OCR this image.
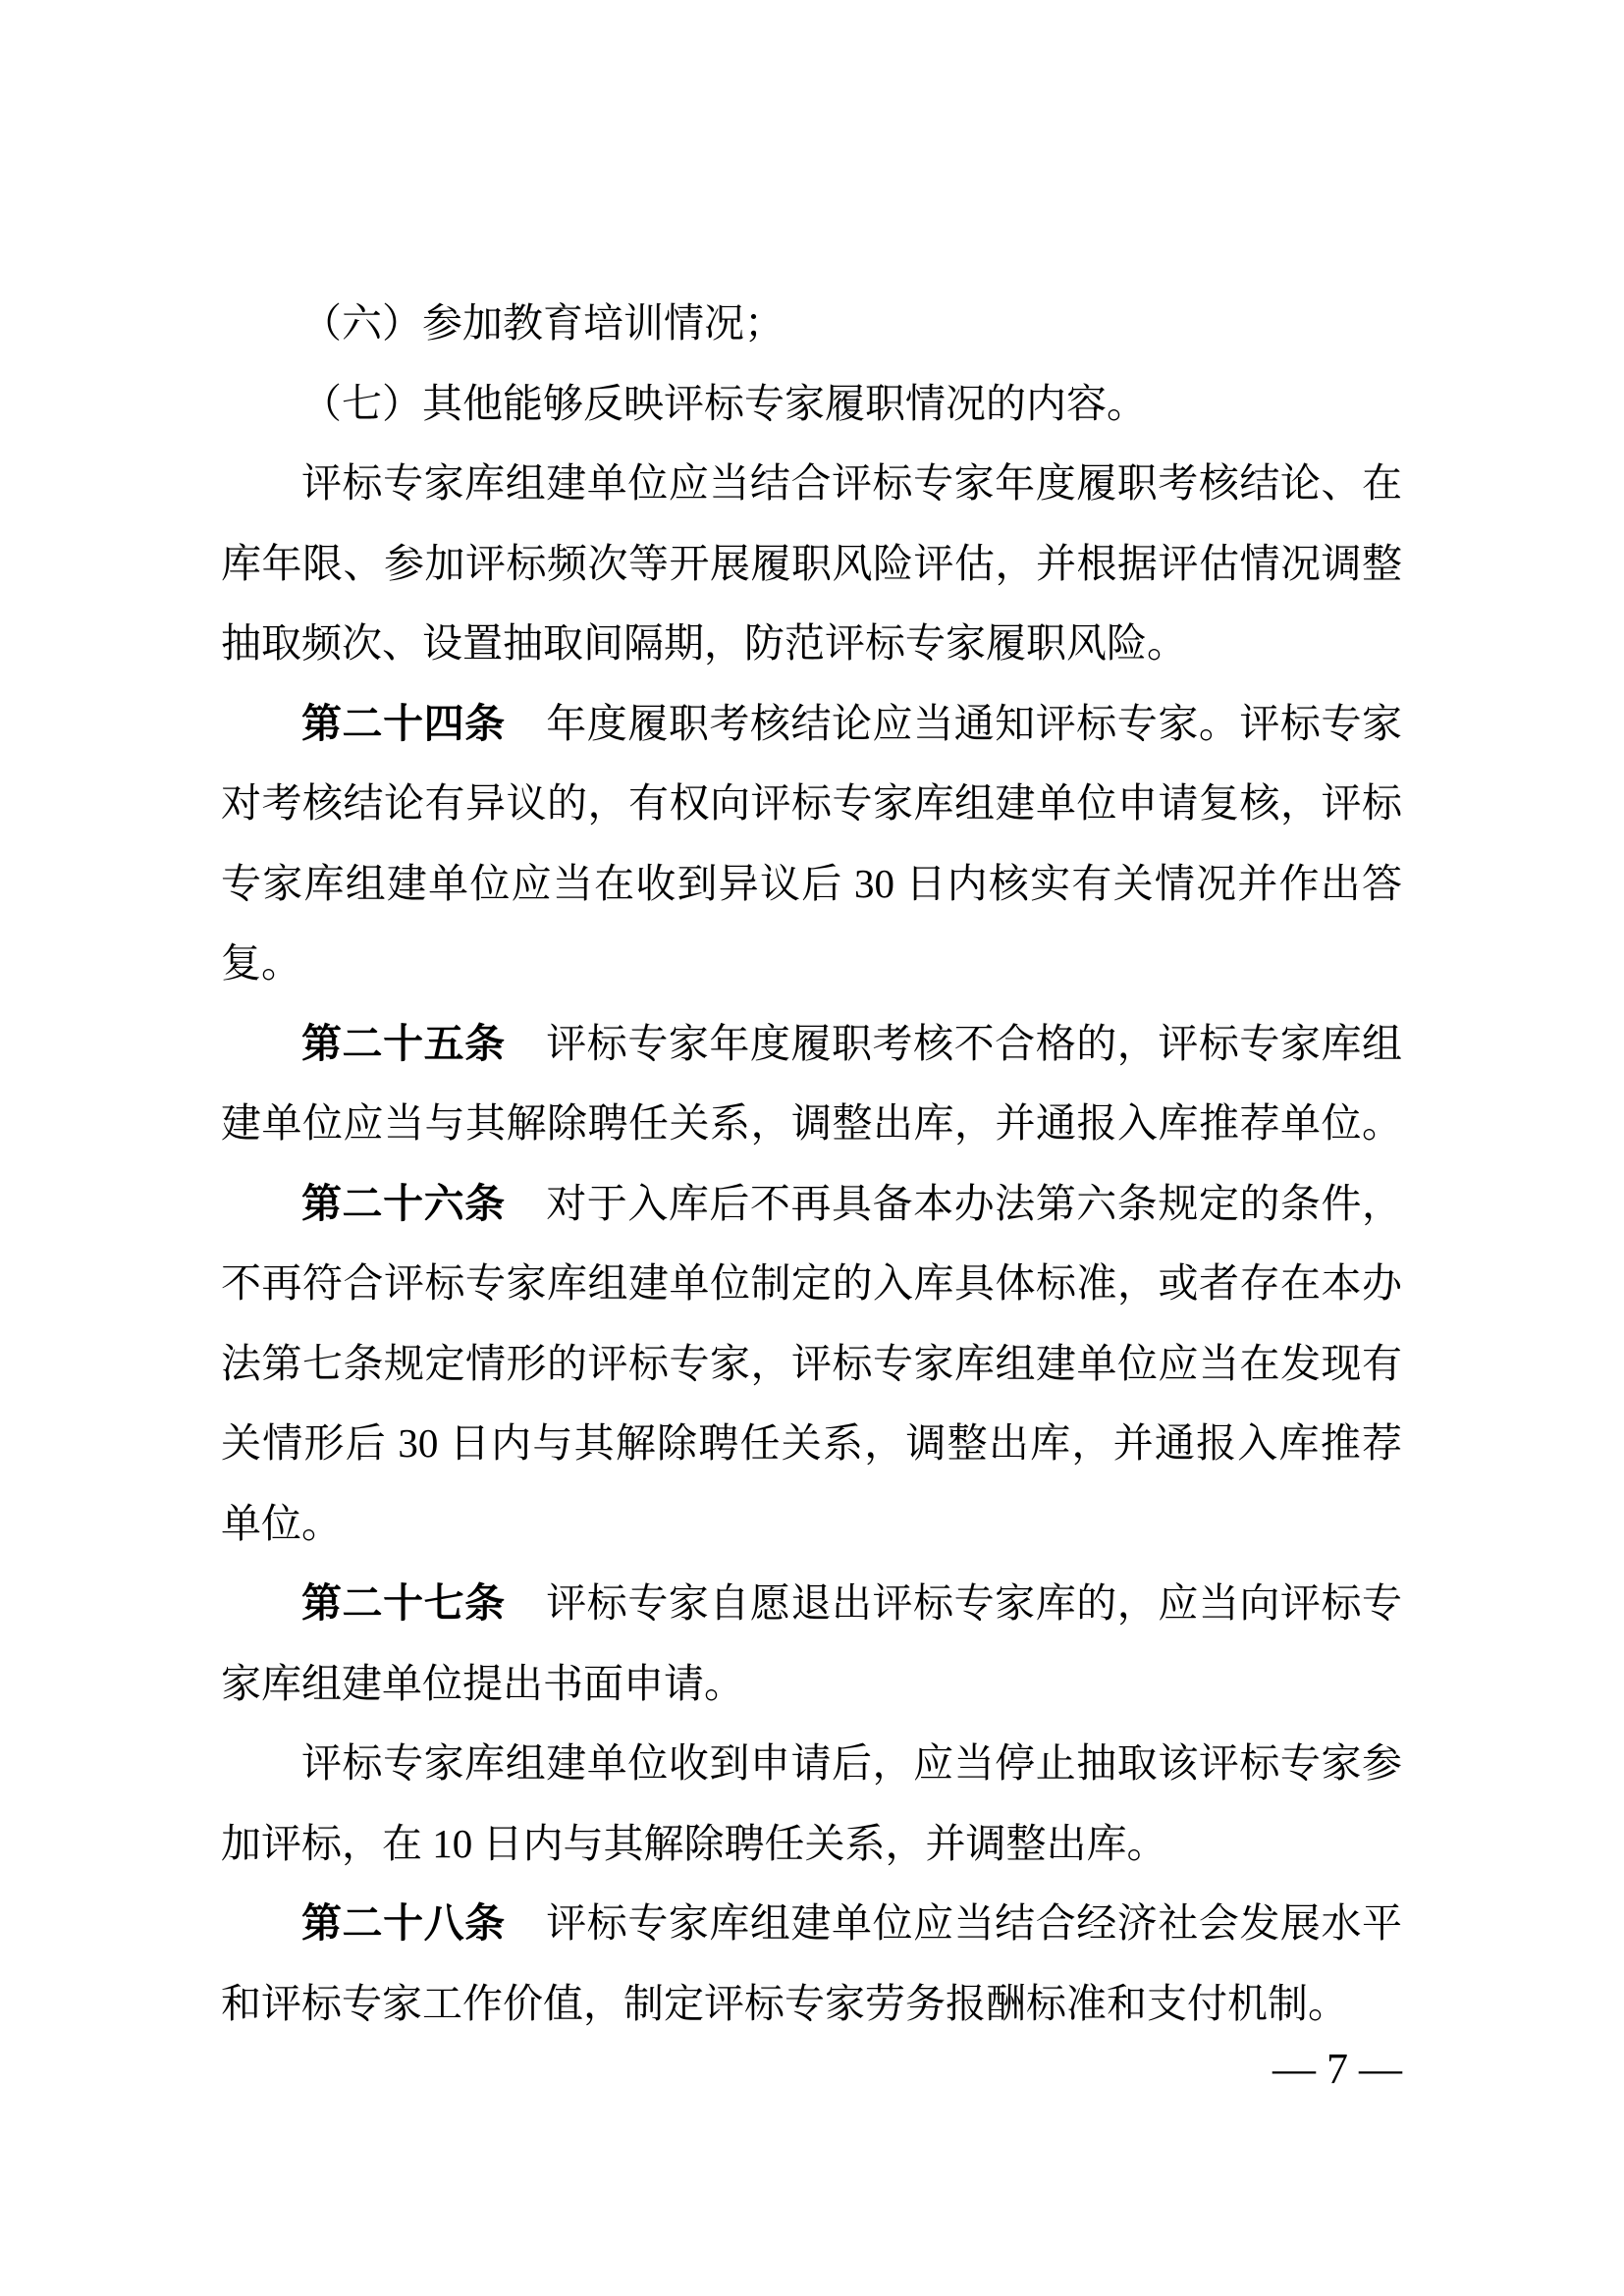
（六）参加教育培训情况；

（七）其他能够反映评标专家履职情况的内容。

评标专家库组建单位应当结合评标专家年度履职考核结论、在
库年限、参加评标频次等开展履职风险评估，并根据评估情况调整
抽取频次、设置抽取间隔期，防范评标专家履职风险。

第二十四条　年度履职考核结论应当通知评标专家。评标专家
对考核结论有异议的，有权向评标专家库组建单位申请复核，评标
专家库组建单位应当在收到异议后 30 日内核实有关情况并作出答
复。

第二十五条　评标专家年度履职考核不合格的，评标专家库组
建单位应当与其解除聘任关系，调整出库，并通报入库推荐单位。

第二十六条　对于入库后不再具备本办法第六条规定的条件，
不再符合评标专家库组建单位制定的入库具体标准，或者存在本办
法第七条规定情形的评标专家，评标专家库组建单位应当在发现有
关情形后 30 日内与其解除聘任关系，调整出库，并通报入库推荐
单位。

第二十七条　评标专家自愿退出评标专家库的，应当向评标专
家库组建单位提出书面申请。

评标专家库组建单位收到申请后，应当停止抽取该评标专家参
加评标，在 10 日内与其解除聘任关系，并调整出库。

第二十八条　评标专家库组建单位应当结合经济社会发展水平
和评标专家工作价值，制定评标专家劳务报酬标准和支付机制。

— 7 —
